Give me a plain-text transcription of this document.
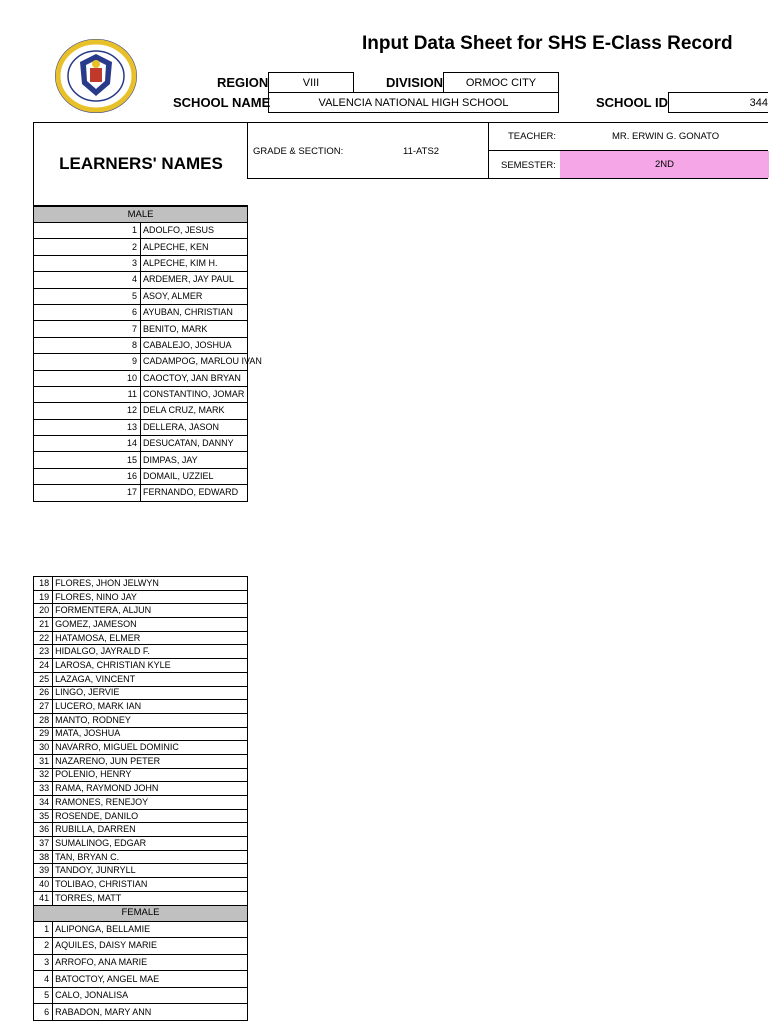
Input Data Sheet for SHS E-Class Record
REGION	VIII	DIVISION	ORMOC CITY
SCHOOL NAME	VALENCIA NATIONAL HIGH SCHOOL	SCHOOL ID	344
LEARNERS' NAMES
GRADE & SECTION:	11-ATS2
TEACHER:	MR. ERWIN G. GONATO
SEMESTER:	2ND
MALE	
1	ADOLFO, JESUS
2	ALPECHE, KEN
3	ALPECHE, KIM H.
4	ARDEMER, JAY PAUL
5	ASOY, ALMER
6	AYUBAN, CHRISTIAN
7	BENITO, MARK
8	CABALEJO, JOSHUA
9	CADAMPOG, MARLOU IVAN
10	CAOCTOY, JAN BRYAN
11	CONSTANTINO, JOMAR
12	DELA CRUZ, MARK
13	DELLERA, JASON
14	DESUCATAN, DANNY
15	DIMPAS, JAY
16	DOMAIL, UZZIEL
17	FERNANDO, EDWARD
18	FLORES, JHON JELWYN
19	FLORES, NINO JAY
20	FORMENTERA, ALJUN
21	GOMEZ, JAMESON
22	HATAMOSA, ELMER
23	HIDALGO, JAYRALD F.
24	LAROSA, CHRISTIAN KYLE
25	LAZAGA, VINCENT
26	LINGO, JERVIE
27	LUCERO, MARK IAN
28	MANTO, RODNEY
29	MATA, JOSHUA
30	NAVARRO, MIGUEL DOMINIC
31	NAZARENO, JUN PETER
32	POLENIO, HENRY
33	RAMA, RAYMOND JOHN
34	RAMONES, RENEJOY
35	ROSENDE, DANILO
36	RUBILLA, DARREN
37	SUMALINOG, EDGAR
38	TAN, BRYAN C.
39	TANDOY, JUNRYLL
40	TOLIBAO, CHRISTIAN
41	TORRES, MATT
FEMALE	
1	ALIPONGA, BELLAMIE
2	AQUILES, DAISY MARIE
3	ARROFO, ANA MARIE
4	BATOCTOY, ANGEL MAE
5	CALO, JONALISA
6	RABADON, MARY ANN
